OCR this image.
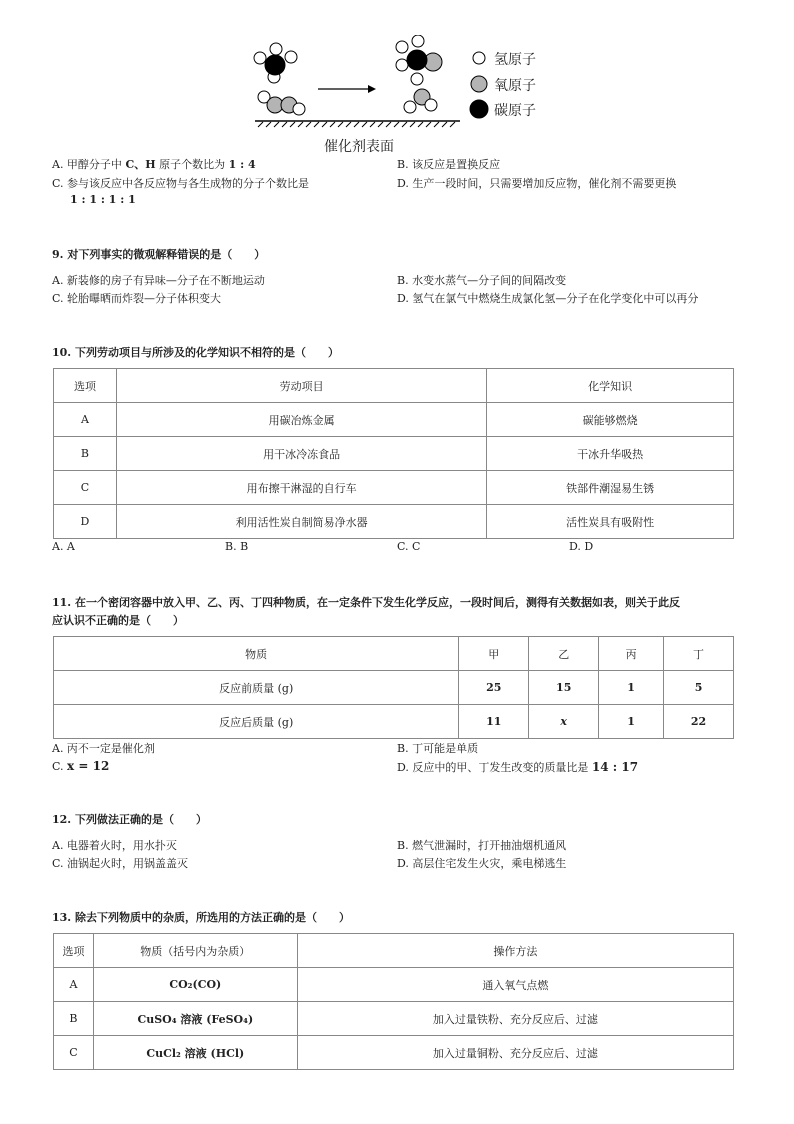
氢原子
氧原子
碳原子
催化剂表面
A. 甲醇分子中 C、H 原子个数比为 1 : 4	B. 该反应是置换反应
C. 参与该反应中各反应物与各生成物的分子个数比是
1 : 1 : 1 : 1
D. 生产一段时间，只需要增加反应物，催化剂不需要更换
9. 对下列事实的微观解释错误的是（　　）
A. 新装修的房子有异味—分子在不断地运动	B. 水变水蒸气—分子间的间隔改变
C. 轮胎曝晒而炸裂—分子体积变大	D. 氢气在氯气中燃烧生成氯化氢—分子在化学变化中可以再分
10. 下列劳动项目与所涉及的化学知识不相符的是（　　）
选项	劳动项目	化学知识
A	用碳冶炼金属	碳能够燃烧
B	用干冰冷冻食品	干冰升华吸热
C	用布擦干淋湿的自行车	铁部件潮湿易生锈
D	利用活性炭自制简易净水器	活性炭具有吸附性
A. A	B. B	C. C	D. D
11. 在一个密闭容器中放入甲、乙、丙、丁四种物质，在一定条件下发生化学反应，一段时间后，测得有关数据如表，则关于此反
应认识不正确的是（　　）
物质	甲	乙	丙	丁
反应前质量 (g)	25	15	1	5
反应后质量 (g)	11	x	1	22
A. 丙不一定是催化剂	B. 丁可能是单质
C. x = 12	D. 反应中的甲、丁发生改变的质量比是 14 : 17
12. 下列做法正确的是（　　）
A. 电器着火时，用水扑灭	B. 燃气泄漏时，打开抽油烟机通风
C. 油锅起火时，用锅盖盖灭	D. 高层住宅发生火灾，乘电梯逃生
13. 除去下列物质中的杂质，所选用的方法正确的是（　　）
选项	物质（括号内为杂质）	操作方法
A	CO₂(CO)	通入氧气点燃
B	CuSO₄ 溶液 (FeSO₄)	加入过量铁粉、充分反应后、过滤
C	CuCl₂ 溶液 (HCl)	加入过量铜粉、充分反应后、过滤
